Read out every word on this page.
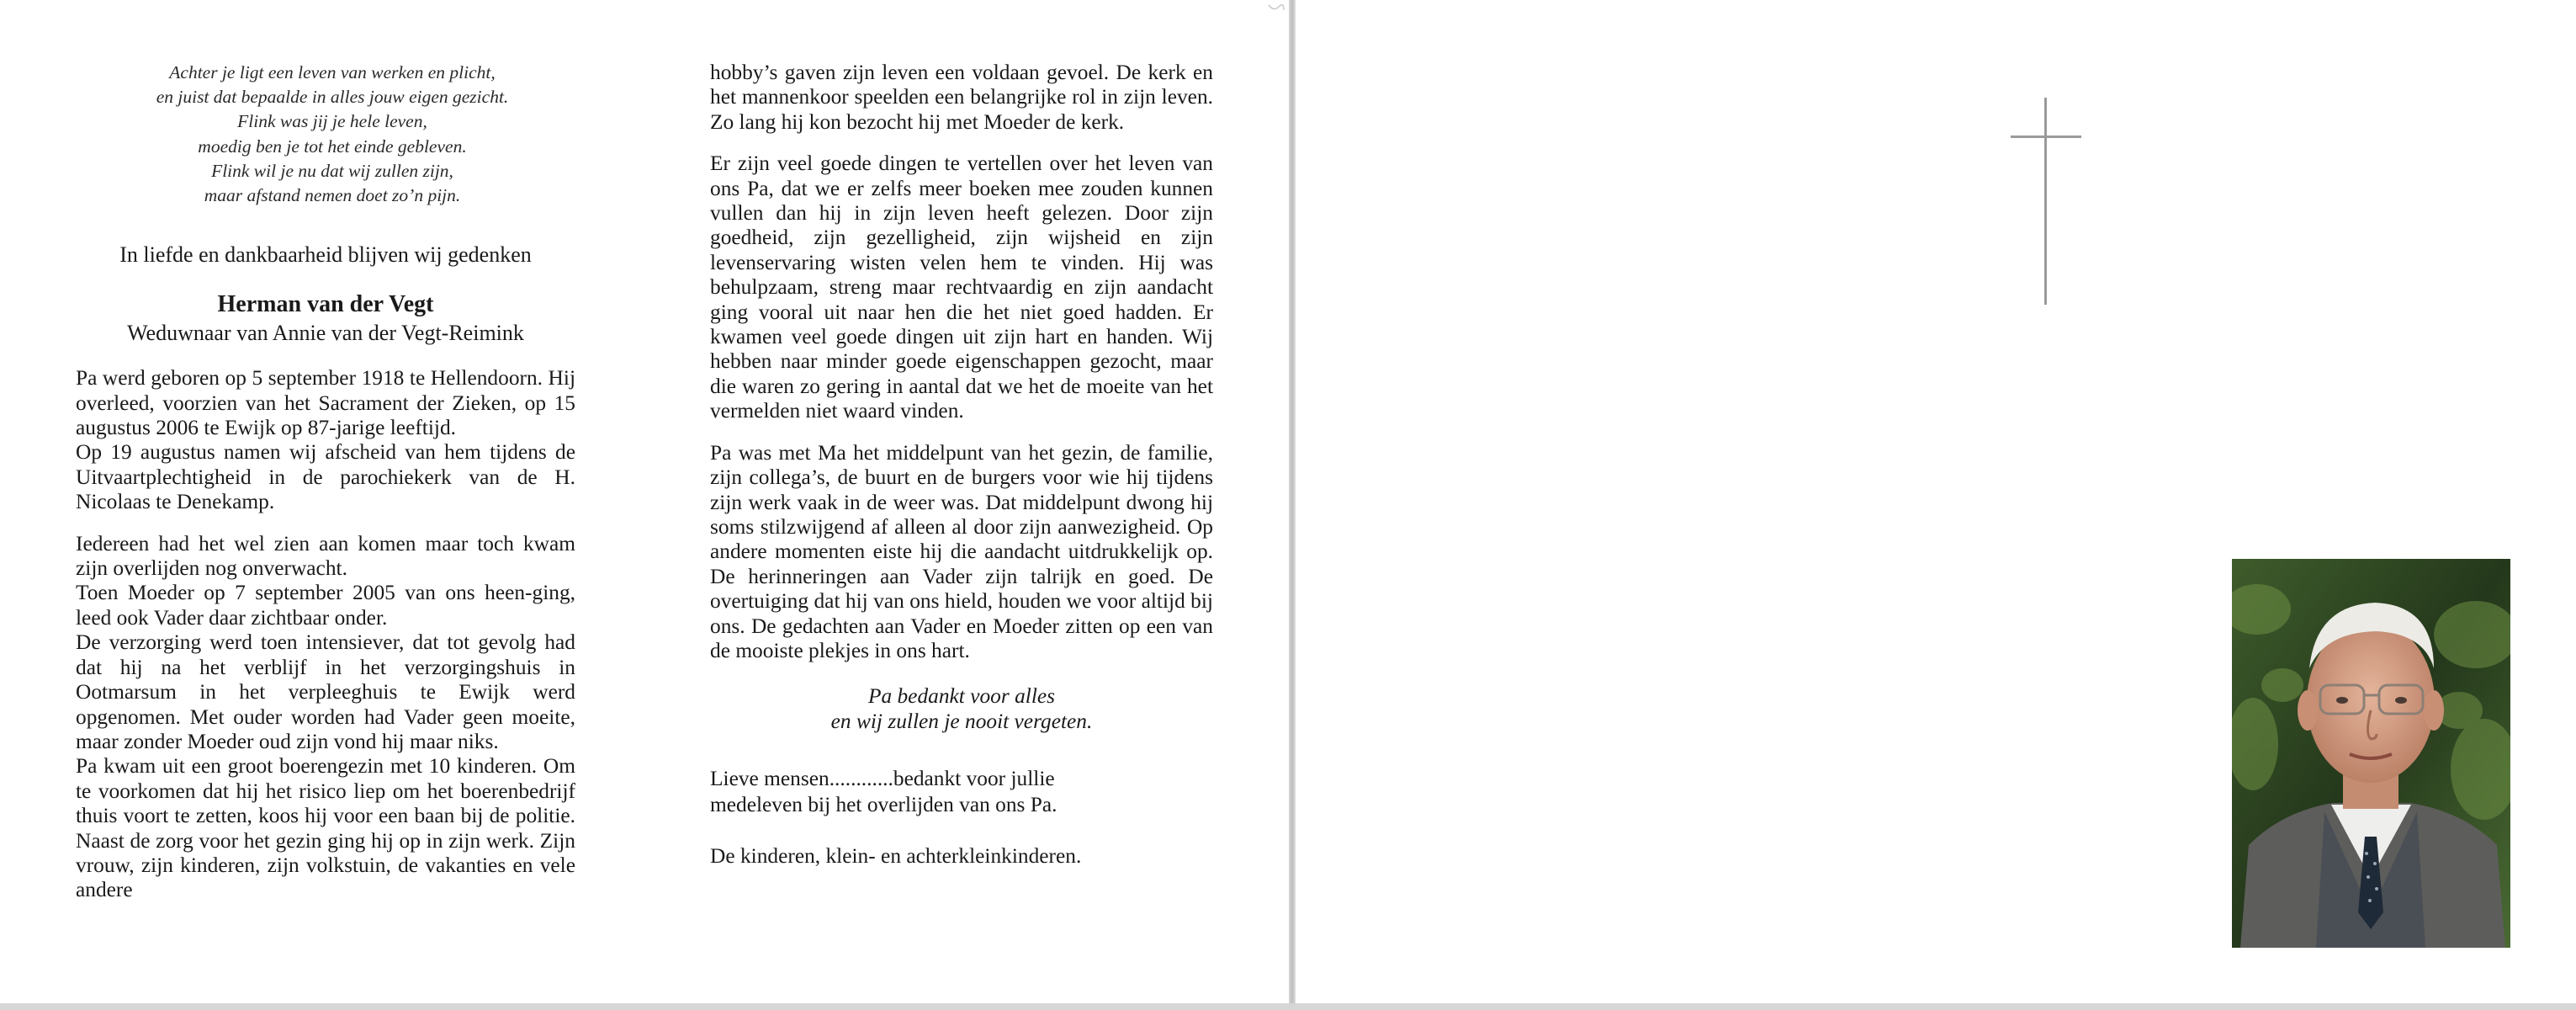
Achter je ligt een leven van werken en plicht,
en juist dat bepaalde in alles jouw eigen gezicht.
Flink was jij je hele leven,
moedig ben je tot het einde gebleven.
Flink wil je nu dat wij zullen zijn,
maar afstand nemen doet zo’n pijn.
In liefde en dankbaarheid blijven wij gedenken
Herman van der Vegt
Weduwnaar van Annie van der Vegt-Reimink

Pa werd geboren op 5 september 1918 te Hellendoorn. Hij overleed, voorzien van het Sacrament der Zieken, op 15 augustus 2006 te Ewijk op 87-jarige leeftijd.

Op 19 augustus namen wij afscheid van hem tijdens de Uitvaartplechtigheid in de parochiekerk van de H. Nicolaas te Denekamp.

Iedereen had het wel zien aan komen maar toch kwam zijn overlijden nog onverwacht.

Toen Moeder op 7 september 2005 van ons heen-ging, leed ook Vader daar zichtbaar onder.

De verzorging werd toen intensiever, dat tot gevolg had dat hij na het verblijf in het verzorgingshuis in Ootmarsum in het verpleeghuis te Ewijk werd opgenomen. Met ouder worden had Vader geen moeite, maar zonder Moeder oud zijn vond hij maar niks.

Pa kwam uit een groot boerengezin met 10 kinderen. Om te voorkomen dat hij het risico liep om het boerenbedrijf thuis voort te zetten, koos hij voor een baan bij de politie. Naast de zorg voor het gezin ging hij op in zijn werk. Zijn vrouw, zijn kinderen, zijn volkstuin, de vakanties en vele andere

hobby’s gaven zijn leven een voldaan gevoel. De kerk en het mannenkoor speelden een belangrijke rol in zijn leven. Zo lang hij kon bezocht hij met Moeder de kerk.

Er zijn veel goede dingen te vertellen over het leven van ons Pa, dat we er zelfs meer boeken mee zouden kunnen vullen dan hij in zijn leven heeft gelezen. Door zijn goedheid, zijn gezelligheid, zijn wijsheid en zijn levenservaring wisten velen hem te vinden. Hij was behulpzaam, streng maar rechtvaardig en zijn aandacht ging vooral uit naar hen die het niet goed hadden. Er kwamen veel goede dingen uit zijn hart en handen. Wij hebben naar minder goede eigenschappen gezocht, maar die waren zo gering in aantal dat we het de moeite van het vermelden niet waard vinden.

Pa was met Ma het middelpunt van het gezin, de familie, zijn collega’s, de buurt en de burgers voor wie hij tijdens zijn werk vaak in de weer was. Dat middelpunt dwong hij soms stilzwijgend af alleen al door zijn aanwezigheid. Op andere momenten eiste hij die aandacht uitdrukkelijk op. De herinneringen aan Vader zijn talrijk en goed. De overtuiging dat hij van ons hield, houden we voor altijd bij ons. De gedachten aan Vader en Moeder zitten op een van de mooiste plekjes in ons hart.

Pa bedankt voor alles
en wij zullen je nooit vergeten.
Lieve mensen............bedankt voor jullie
medeleven bij het overlijden van ons Pa.
De kinderen, klein- en achterkleinkinderen.
